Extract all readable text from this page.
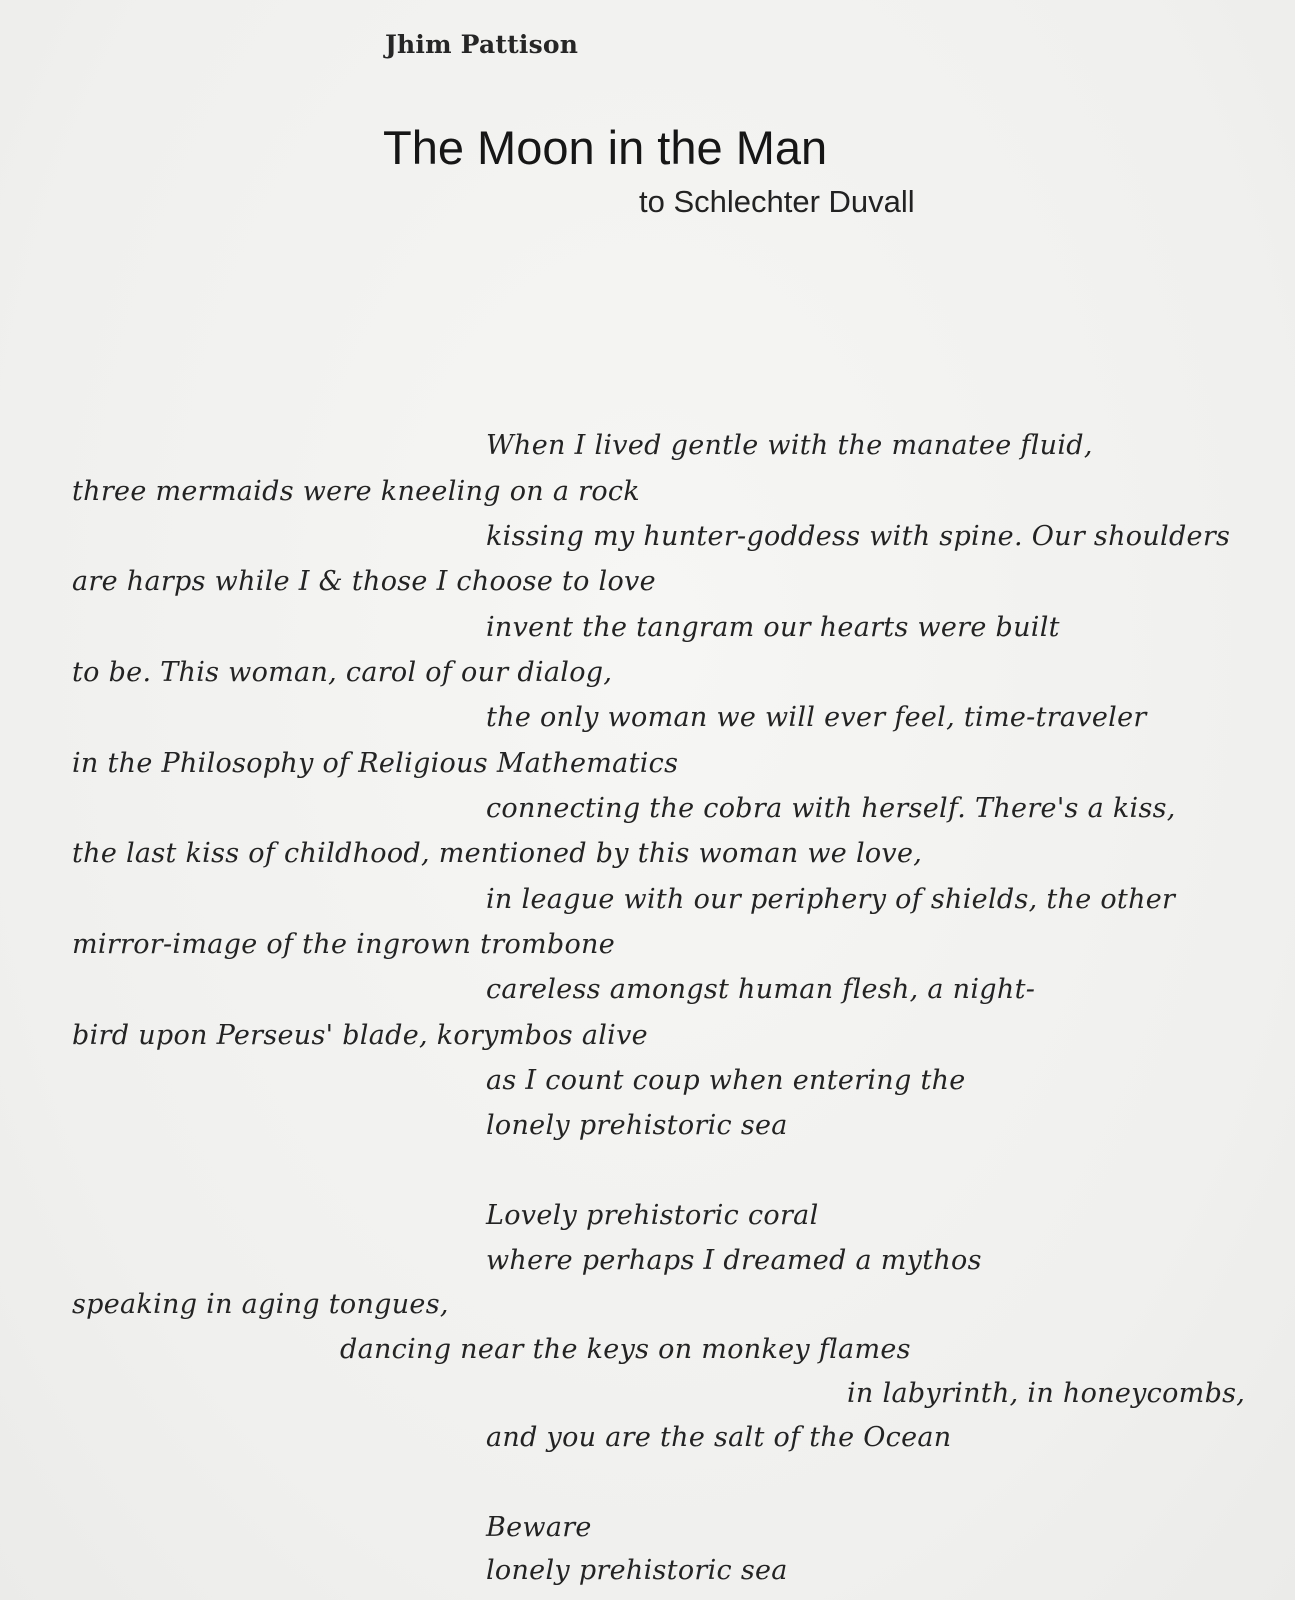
Jhim Pattison
The Moon in the Man
to Schlechter Duvall
When I lived gentle with the manatee fluid,
three mermaids were kneeling on a rock
kissing my hunter-goddess with spine. Our shoulders
are harps while I & those I choose to love
invent the tangram our hearts were built
to be. This woman, carol of our dialog,
the only woman we will ever feel, time-traveler
in the Philosophy of Religious Mathematics
connecting the cobra with herself. There's a kiss,
the last kiss of childhood, mentioned by this woman we love,
in league with our periphery of shields, the other
mirror-image of the ingrown trombone
careless amongst human flesh, a night-
bird upon Perseus' blade, korymbos alive
as I count coup when entering the
lonely prehistoric sea
Lovely prehistoric coral
where perhaps I dreamed a mythos
speaking in aging tongues,
dancing near the keys on monkey flames
in labyrinth, in honeycombs,
and you are the salt of the Ocean
Beware
lonely prehistoric sea
